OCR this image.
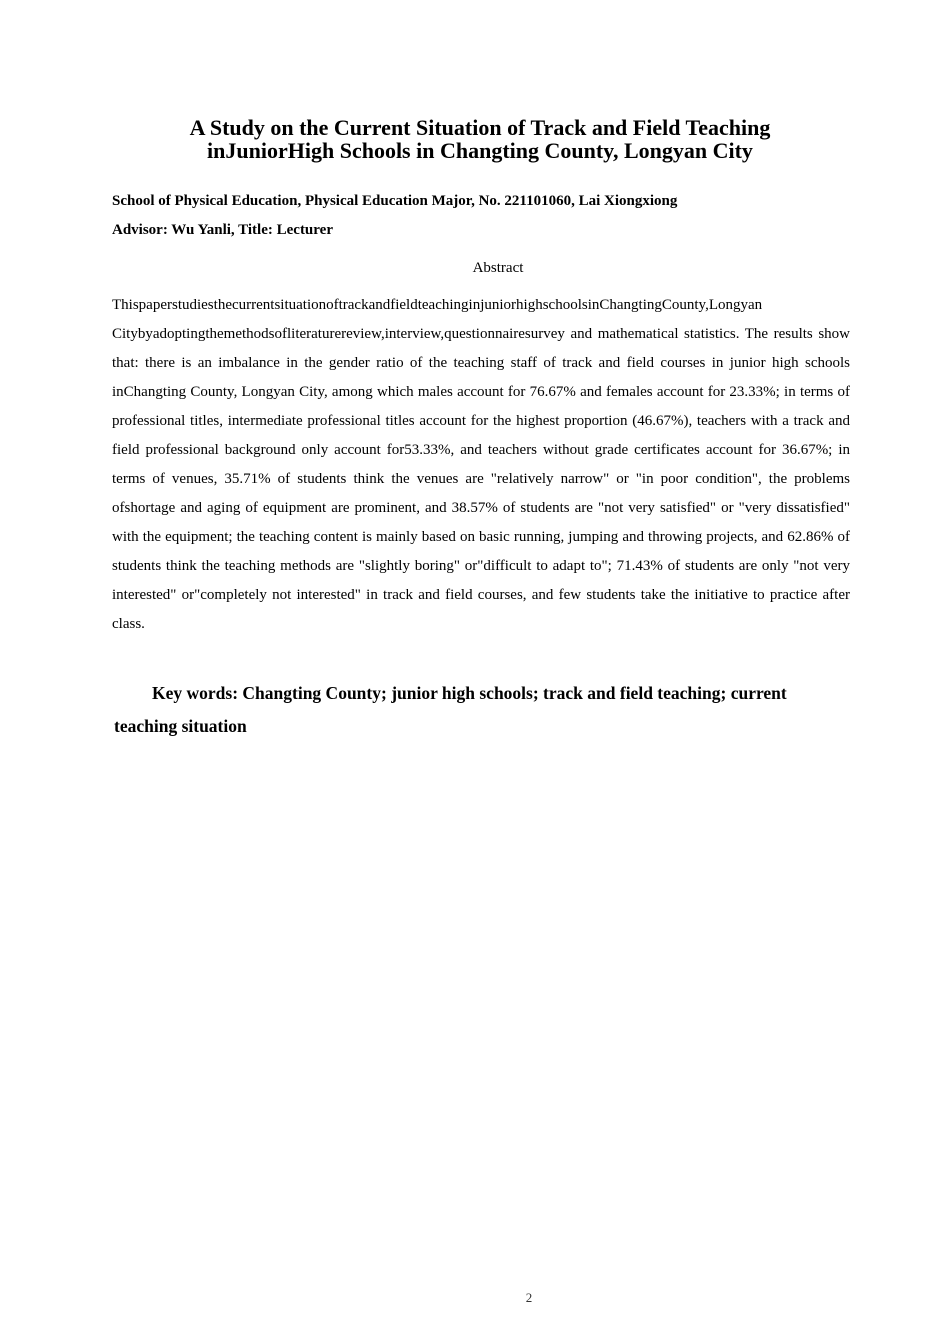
A Study on the Current Situation of Track and Field Teaching
inJuniorHigh Schools in Changting County, Longyan City
School of Physical Education, Physical Education Major, No. 221101060, Lai Xiongxiong
Advisor: Wu Yanli, Title: Lecturer
Abstract
ThispaperstudiesthecurrentsituationoftrackandfieldteachinginjuniorhighschoolsinChangtingCounty,Longyan Citybyadoptingthemethodsofliteraturereview,interview,questionnairesurvey and mathematical statistics. The results show that: there is an imbalance in the gender ratio of the teaching staff of track and field courses in junior high schools inChangting County, Longyan City, among which males account for 76.67% and females account for 23.33%; in terms of professional titles, intermediate professional titles account for the highest proportion (46.67%), teachers with a track and field professional background only account for53.33%, and teachers without grade certificates account for 36.67%; in terms of venues, 35.71% of students think the venues are "relatively narrow" or "in poor condition", the problems ofshortage and aging of equipment are prominent, and 38.57% of students are "not very satisfied" or "very dissatisfied" with the equipment; the teaching content is mainly based on basic running, jumping and throwing projects, and 62.86% of students think the teaching methods are "slightly boring" or"difficult to adapt to"; 71.43% of students are only "not very interested" or"completely not interested" in track and field courses, and few students take the initiative to practice after class.
Key words: Changting County; junior high schools; track and field teaching; current teaching situation
2
